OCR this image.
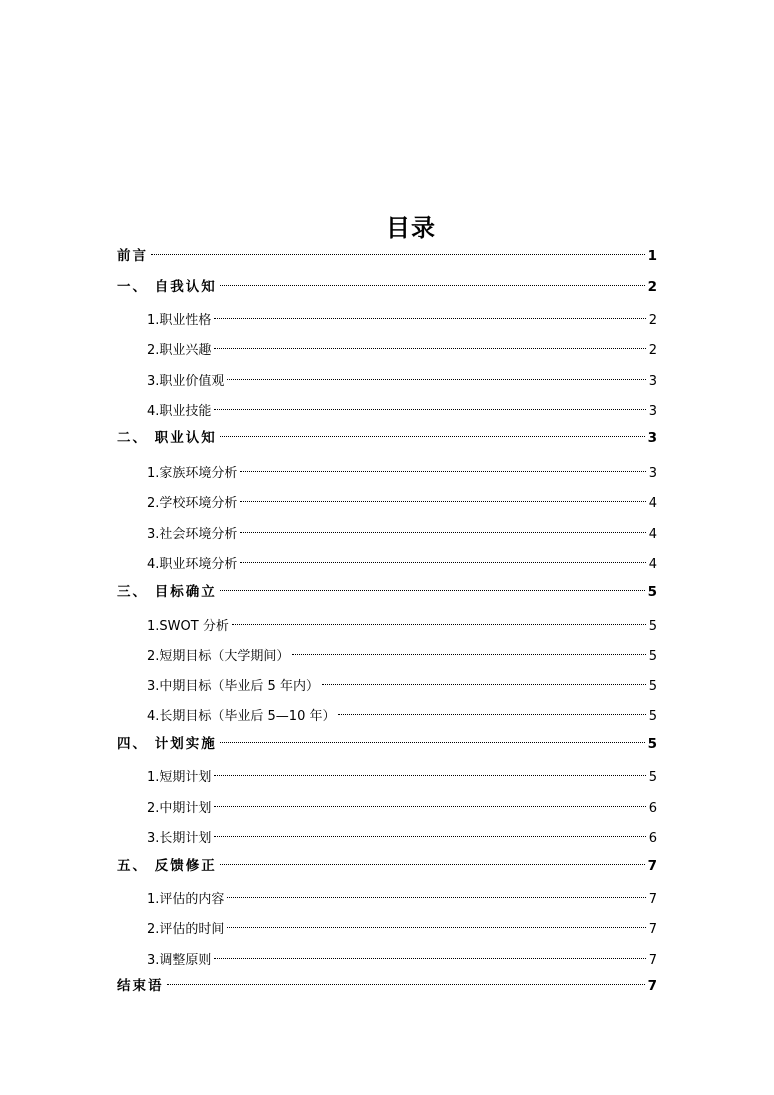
目录
前言	1
一、 自我认知	2
1.职业性格	2
2.职业兴趣	2
3.职业价值观	3
4.职业技能	3
二、 职业认知	3
1.家族环境分析	3
2.学校环境分析	4
3.社会环境分析	4
4.职业环境分析	4
三、 目标确立	5
1.SWOT 分析	5
2.短期目标（大学期间）	5
3.中期目标（毕业后 5 年内）	5
4.长期目标（毕业后 5—10 年）	5
四、 计划实施	5
1.短期计划	5
2.中期计划	6
3.长期计划	6
五、 反馈修正	7
1.评估的内容	7
2.评估的时间	7
3.调整原则	7
结束语	7
